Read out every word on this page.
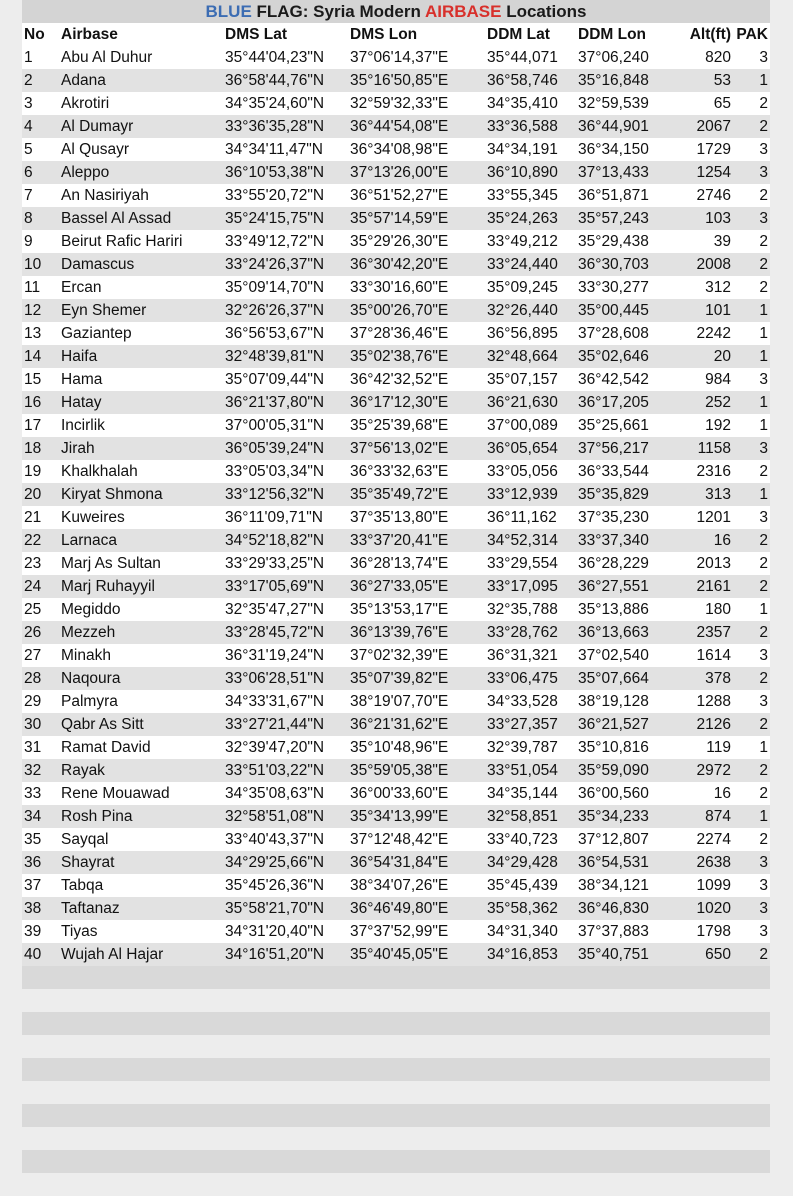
BLUE FLAG: Syria Modern AIRBASE Locations
No	Airbase	DMS Lat	DMS Lon	DDM Lat	DDM Lon	Alt(ft)	PAK
1	Abu Al Duhur	35°44'04,23"N	37°06'14,37"E	35°44,071	37°06,240	820	3
2	Adana	36°58'44,76"N	35°16'50,85"E	36°58,746	35°16,848	53	1
3	Akrotiri	34°35'24,60"N	32°59'32,33"E	34°35,410	32°59,539	65	2
4	Al Dumayr	33°36'35,28"N	36°44'54,08"E	33°36,588	36°44,901	2067	2
5	Al Qusayr	34°34'11,47"N	36°34'08,98"E	34°34,191	36°34,150	1729	3
6	Aleppo	36°10'53,38"N	37°13'26,00"E	36°10,890	37°13,433	1254	3
7	An Nasiriyah	33°55'20,72"N	36°51'52,27"E	33°55,345	36°51,871	2746	2
8	Bassel Al Assad	35°24'15,75"N	35°57'14,59"E	35°24,263	35°57,243	103	3
9	Beirut Rafic Hariri	33°49'12,72"N	35°29'26,30"E	33°49,212	35°29,438	39	2
10	Damascus	33°24'26,37"N	36°30'42,20"E	33°24,440	36°30,703	2008	2
11	Ercan	35°09'14,70"N	33°30'16,60"E	35°09,245	33°30,277	312	2
12	Eyn Shemer	32°26'26,37"N	35°00'26,70"E	32°26,440	35°00,445	101	1
13	Gaziantep	36°56'53,67"N	37°28'36,46"E	36°56,895	37°28,608	2242	1
14	Haifa	32°48'39,81"N	35°02'38,76"E	32°48,664	35°02,646	20	1
15	Hama	35°07'09,44"N	36°42'32,52"E	35°07,157	36°42,542	984	3
16	Hatay	36°21'37,80"N	36°17'12,30"E	36°21,630	36°17,205	252	1
17	Incirlik	37°00'05,31"N	35°25'39,68"E	37°00,089	35°25,661	192	1
18	Jirah	36°05'39,24"N	37°56'13,02"E	36°05,654	37°56,217	1158	3
19	Khalkhalah	33°05'03,34"N	36°33'32,63"E	33°05,056	36°33,544	2316	2
20	Kiryat Shmona	33°12'56,32"N	35°35'49,72"E	33°12,939	35°35,829	313	1
21	Kuweires	36°11'09,71"N	37°35'13,80"E	36°11,162	37°35,230	1201	3
22	Larnaca	34°52'18,82"N	33°37'20,41"E	34°52,314	33°37,340	16	2
23	Marj As Sultan	33°29'33,25"N	36°28'13,74"E	33°29,554	36°28,229	2013	2
24	Marj Ruhayyil	33°17'05,69"N	36°27'33,05"E	33°17,095	36°27,551	2161	2
25	Megiddo	32°35'47,27"N	35°13'53,17"E	32°35,788	35°13,886	180	1
26	Mezzeh	33°28'45,72"N	36°13'39,76"E	33°28,762	36°13,663	2357	2
27	Minakh	36°31'19,24"N	37°02'32,39"E	36°31,321	37°02,540	1614	3
28	Naqoura	33°06'28,51"N	35°07'39,82"E	33°06,475	35°07,664	378	2
29	Palmyra	34°33'31,67"N	38°19'07,70"E	34°33,528	38°19,128	1288	3
30	Qabr As Sitt	33°27'21,44"N	36°21'31,62"E	33°27,357	36°21,527	2126	2
31	Ramat David	32°39'47,20"N	35°10'48,96"E	32°39,787	35°10,816	119	1
32	Rayak	33°51'03,22"N	35°59'05,38"E	33°51,054	35°59,090	2972	2
33	Rene Mouawad	34°35'08,63"N	36°00'33,60"E	34°35,144	36°00,560	16	2
34	Rosh Pina	32°58'51,08"N	35°34'13,99"E	32°58,851	35°34,233	874	1
35	Sayqal	33°40'43,37"N	37°12'48,42"E	33°40,723	37°12,807	2274	2
36	Shayrat	34°29'25,66"N	36°54'31,84"E	34°29,428	36°54,531	2638	3
37	Tabqa	35°45'26,36"N	38°34'07,26"E	35°45,439	38°34,121	1099	3
38	Taftanaz	35°58'21,70"N	36°46'49,80"E	35°58,362	36°46,830	1020	3
39	Tiyas	34°31'20,40"N	37°37'52,99"E	34°31,340	37°37,883	1798	3
40	Wujah Al Hajar	34°16'51,20"N	35°40'45,05"E	34°16,853	35°40,751	650	2
